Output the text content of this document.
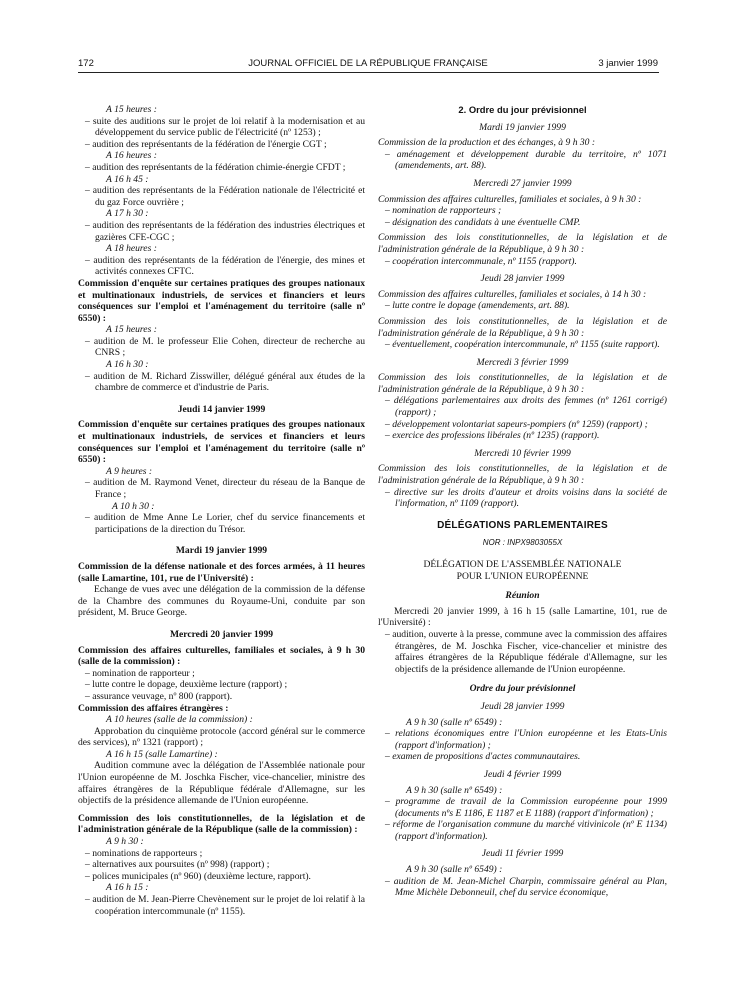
172	JOURNAL OFFICIEL DE LA RÉPUBLIQUE FRANÇAISE	3 janvier 1999

A 15 heures :

– suite des auditions sur le projet de loi relatif à la modernisation et au développement du service public de l'électricité (nº 1253) ;

– audition des représentants de la fédération de l'énergie CGT ;

A 16 heures :

– audition des représentants de la fédération chimie-énergie CFDT ;

A 16 h 45 :

– audition des représentants de la Fédération nationale de l'électricité et du gaz Force ouvrière ;

A 17 h 30 :

– audition des représentants de la fédération des industries électriques et gazières CFE-CGC ;

A 18 heures :

– audition des représentants de la fédération de l'énergie, des mines et activités connexes CFTC.

Commission d'enquête sur certaines pratiques des groupes nationaux et multinationaux industriels, de services et financiers et leurs conséquences sur l'emploi et l'aménagement du territoire (salle nº 6550) :

A 15 heures :

– audition de M. le professeur Elie Cohen, directeur de recherche au CNRS ;

A 16 h 30 :

– audition de M. Richard Zisswiller, délégué général aux études de la chambre de commerce et d'industrie de Paris.

Jeudi 14 janvier 1999

Commission d'enquête sur certaines pratiques des groupes nationaux et multinationaux industriels, de services et financiers et leurs conséquences sur l'emploi et l'aménagement du territoire (salle nº 6550) :

A 9 heures :

– audition de M. Raymond Venet, directeur du réseau de la Banque de France ;

A 10 h 30 :

– audition de Mme Anne Le Lorier, chef du service financements et participations de la direction du Trésor.

Mardi 19 janvier 1999

Commission de la défense nationale et des forces armées, à 11 heures (salle Lamartine, 101, rue de l'Université) :

Echange de vues avec une délégation de la commission de la défense de la Chambre des communes du Royaume-Uni, conduite par son président, M. Bruce George.

Mercredi 20 janvier 1999

Commission des affaires culturelles, familiales et sociales, à 9 h 30 (salle de la commission) :

– nomination de rapporteur ;

– lutte contre le dopage, deuxième lecture (rapport) ;

– assurance veuvage, nº 800 (rapport).

Commission des affaires étrangères :

A 10 heures (salle de la commission) :

Approbation du cinquième protocole (accord général sur le commerce des services), nº 1321 (rapport) ;

A 16 h 15 (salle Lamartine) :

Audition commune avec la délégation de l'Assemblée nationale pour l'Union européenne de M. Joschka Fischer, vice-chancelier, ministre des affaires étrangères de la République fédérale d'Allemagne, sur les objectifs de la présidence allemande de l'Union européenne.

Commission des lois constitutionnelles, de la législation et de l'administration générale de la République (salle de la commission) :

A 9 h 30 :

– nominations de rapporteurs ;

– alternatives aux poursuites (nº 998) (rapport) ;

– polices municipales (nº 960) (deuxième lecture, rapport).

A 16 h 15 :

– audition de M. Jean-Pierre Chevènement sur le projet de loi relatif à la coopération intercommunale (nº 1155).

2. Ordre du jour prévisionnel

Mardi 19 janvier 1999

Commission de la production et des échanges, à 9 h 30 :

– aménagement et développement durable du territoire, nº 1071 (amendements, art. 88).

Mercredi 27 janvier 1999

Commission des affaires culturelles, familiales et sociales, à 9 h 30 :

– nomination de rapporteurs ;

– désignation des candidats à une éventuelle CMP.

Commission des lois constitutionnelles, de la législation et de l'administration générale de la République, à 9 h 30 :

– coopération intercommunale, nº 1155 (rapport).

Jeudi 28 janvier 1999

Commission des affaires culturelles, familiales et sociales, à 14 h 30 :

– lutte contre le dopage (amendements, art. 88).

Commission des lois constitutionnelles, de la législation et de l'administration générale de la République, à 9 h 30 :

– éventuellement, coopération intercommunale, nº 1155 (suite rapport).

Mercredi 3 février 1999

Commission des lois constitutionnelles, de la législation et de l'administration générale de la République, à 9 h 30 :

– délégations parlementaires aux droits des femmes (nº 1261 corrigé) (rapport) ;

– développement volontariat sapeurs-pompiers (nº 1259) (rapport) ;

– exercice des professions libérales (nº 1235) (rapport).

Mercredi 10 février 1999

Commission des lois constitutionnelles, de la législation et de l'administration générale de la République, à 9 h 30 :

– directive sur les droits d'auteur et droits voisins dans la société de l'information, nº 1109 (rapport).

DÉLÉGATIONS PARLEMENTAIRES

NOR : INPX9803055X

DÉLÉGATION DE L'ASSEMBLÉE NATIONALE

POUR L'UNION EUROPÉENNE

Réunion

Mercredi 20 janvier 1999, à 16 h 15 (salle Lamartine, 101, rue de l'Université) :

– audition, ouverte à la presse, commune avec la commission des affaires étrangères, de M. Joschka Fischer, vice-chancelier et ministre des affaires étrangères de la République fédérale d'Allemagne, sur les objectifs de la présidence allemande de l'Union européenne.

Ordre du jour prévisionnel

Jeudi 28 janvier 1999

A 9 h 30 (salle nº 6549) :

– relations économiques entre l'Union européenne et les Etats-Unis (rapport d'information) ;

– examen de propositions d'actes communautaires.

Jeudi 4 février 1999

A 9 h 30 (salle nº 6549) :

– programme de travail de la Commission européenne pour 1999 (documents nºs E 1186, E 1187 et E 1188) (rapport d'information) ;

– réforme de l'organisation commune du marché vitivinicole (nº E 1134) (rapport d'information).

Jeudi 11 février 1999

A 9 h 30 (salle nº 6549) :

– audition de M. Jean-Michel Charpin, commissaire général au Plan, Mme Michèle Debonneuil, chef du service économique,
